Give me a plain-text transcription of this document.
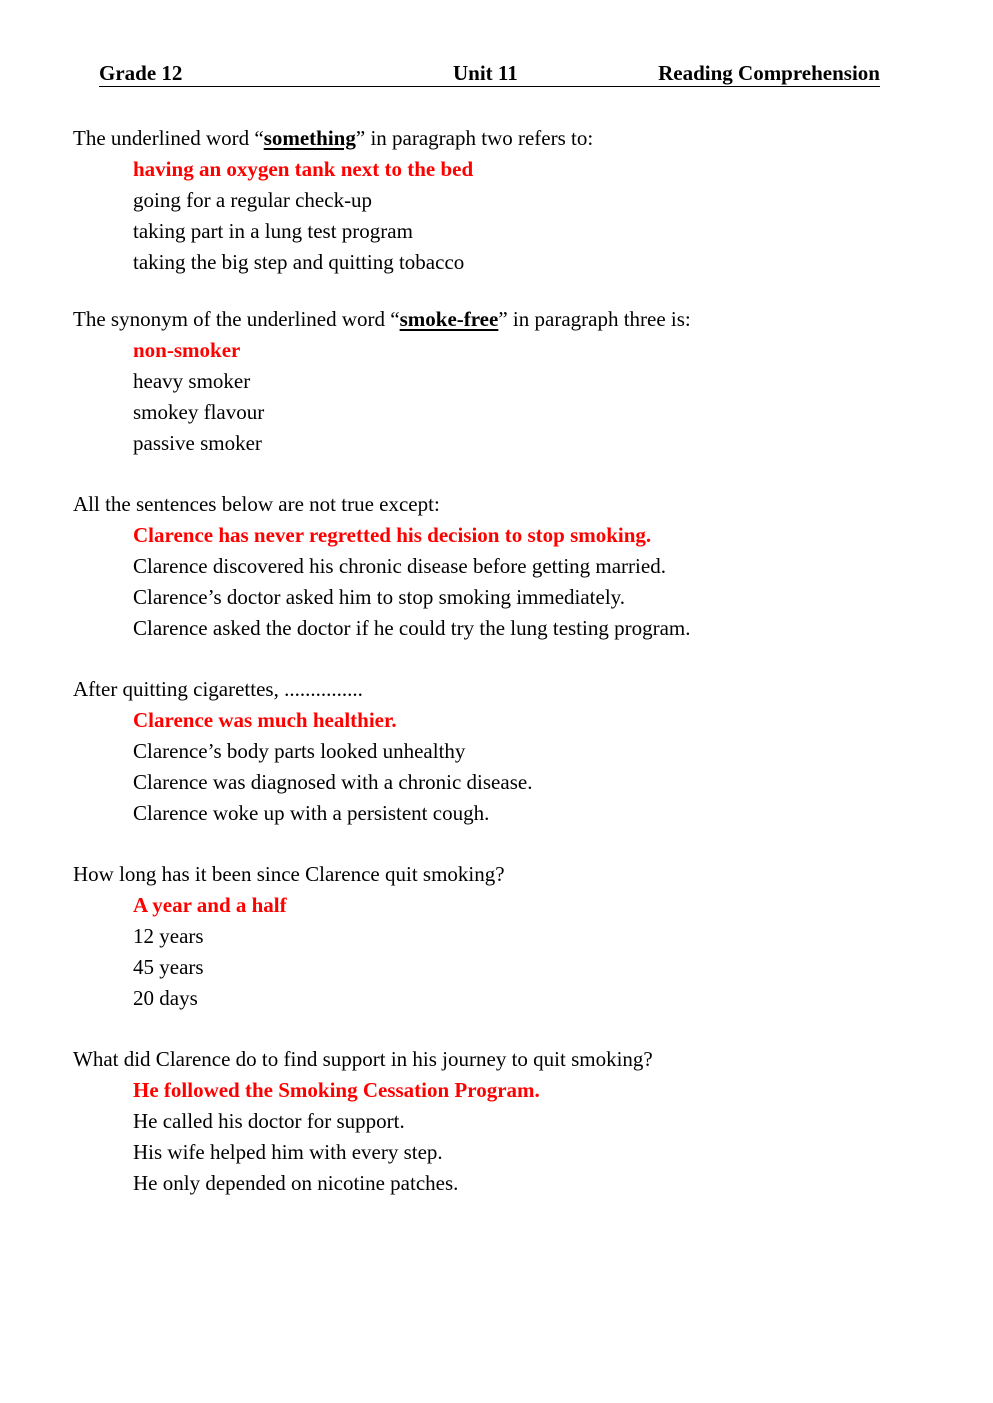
Grade 12	Unit 11	Reading Comprehension
The underlined word “something” in paragraph two refers to:
having an oxygen tank next to the bed
going for a regular check-up
taking part in a lung test program
taking the big step and quitting tobacco
The synonym of the underlined word “smoke-free” in paragraph three is:
non-smoker
heavy smoker
smokey flavour
passive smoker
All the sentences below are not true except:
Clarence has never regretted his decision to stop smoking.
Clarence discovered his chronic disease before getting married.
Clarence’s doctor asked him to stop smoking immediately.
Clarence asked the doctor if he could try the lung testing program.
After quitting cigarettes, ...............
Clarence was much healthier.
Clarence’s body parts looked unhealthy
Clarence was diagnosed with a chronic disease.
Clarence woke up with a persistent cough.
How long has it been since Clarence quit smoking?
A year and a half
12 years
45 years
20 days
What did Clarence do to find support in his journey to quit smoking?
He followed the Smoking Cessation Program.
He called his doctor for support.
His wife helped him with every step.
He only depended on nicotine patches.
